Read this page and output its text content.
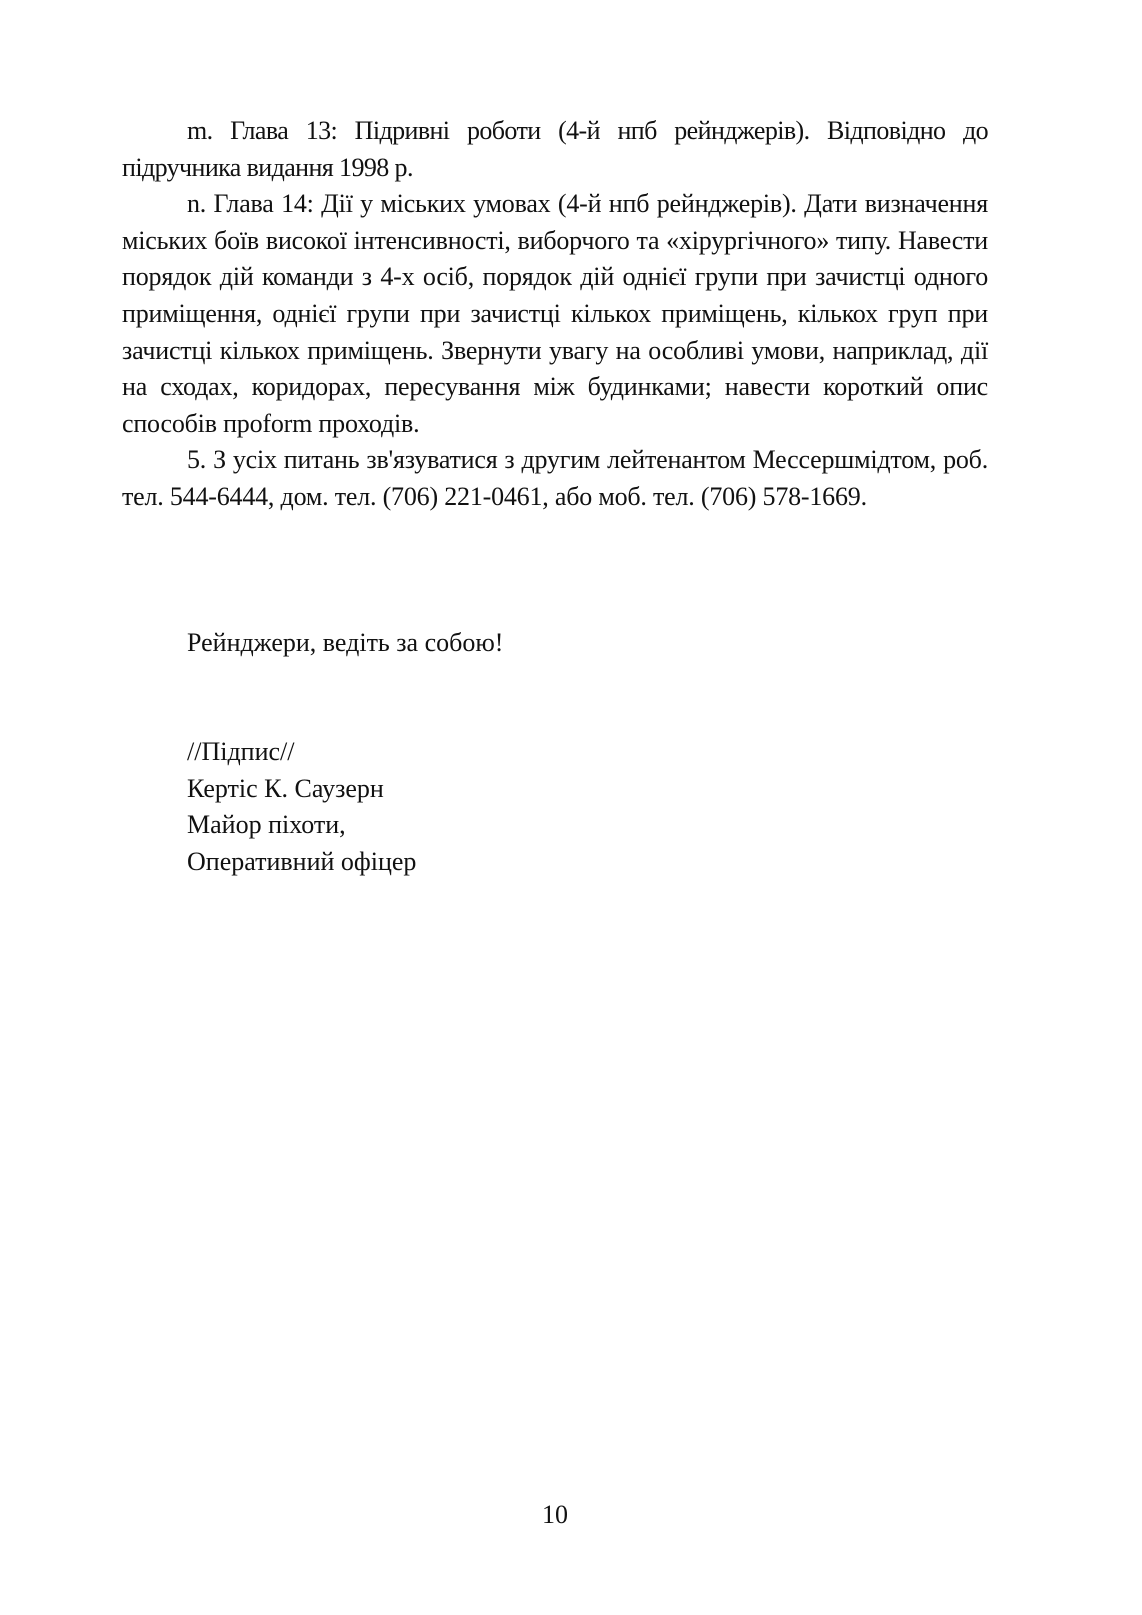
m. Глава 13: Підривні роботи (4-й нпб рейнджерів). Відповідно до підручника видання 1998 р.

n. Глава 14: Дії у міських умовах (4-й нпб рейнджерів). Дати визначення міських боїв високої інтенсивності, виборчого та «хірургічного» типу. Навести порядок дій команди з 4-х осіб, порядок дій однієї групи при зачистці одного приміщення, однієї групи при зачистці кількох приміщень, кількох груп при зачистці кількох приміщень. Звернути увагу на особливі умови, наприклад, дії на сходах, коридорах, пересування між будинками; навести короткий опис способів проform проходів.

5. З усіх питань зв'язуватися з другим лейтенантом Мессершмідтом, роб. тел. 544-6444, дом. тел. (706) 221-0461, або моб. тел. (706) 578-1669.

Рейнджери, ведіть за собою!

//Підпис//
Кертіс К. Саузерн
Майор піхоти,
Оперативний офіцер
10
